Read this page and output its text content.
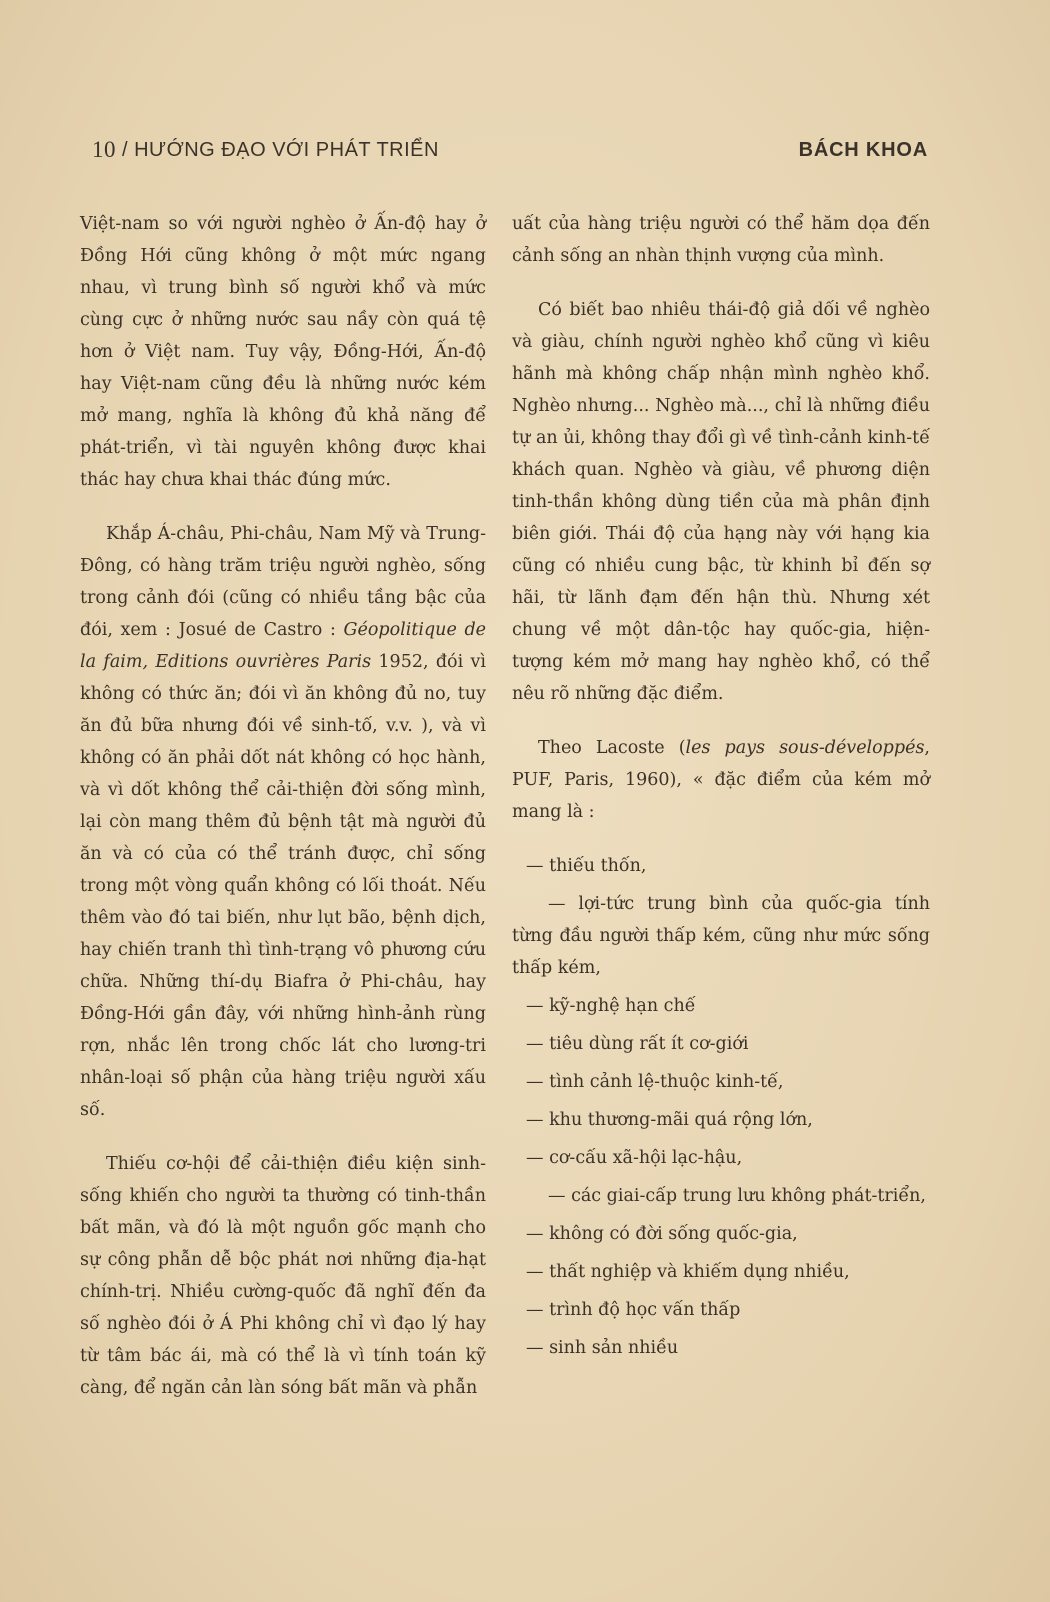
10 / HƯỚNG ĐẠO VỚI PHÁT TRIỂN	BÁCH KHOA

Việt-nam so với người nghèo ở Ấn-độ hay ở Đồng Hới cũng không ở một mức ngang nhau, vì trung bình số người khổ và mức cùng cực ở những nước sau nầy còn quá tệ hơn ở Việt nam. Tuy vậy, Đồng-Hới, Ấn-độ hay Việt-nam cũng đều là những nước kém mở mang, nghĩa là không đủ khả năng để phát-triển, vì tài nguyên không được khai thác hay chưa khai thác đúng mức.

Khắp Á-châu, Phi-châu, Nam Mỹ và Trung-Đông, có hàng trăm triệu người nghèo, sống trong cảnh đói (cũng có nhiều tầng bậc của đói, xem : Josué de Castro : Géopolitique de la faim, Editions ouvrières Paris 1952, đói vì không có thức ăn; đói vì ăn không đủ no, tuy ăn đủ bữa nhưng đói về sinh-tố, v.v. ), và vì không có ăn phải dốt nát không có học hành, và vì dốt không thể cải-thiện đời sống mình, lại còn mang thêm đủ bệnh tật mà người đủ ăn và có của có thể tránh được, chỉ sống trong một vòng quẩn không có lối thoát. Nếu thêm vào đó tai biến, như lụt bão, bệnh dịch, hay chiến tranh thì tình-trạng vô phương cứu chữa. Những thí-dụ Biafra ở Phi-châu, hay Đồng-Hới gần đây, với những hình-ảnh rùng rợn, nhắc lên trong chốc lát cho lương-tri nhân-loại số phận của hàng triệu người xấu số.

Thiếu cơ-hội để cải-thiện điều kiện sinh-sống khiến cho người ta thường có tinh-thần bất mãn, và đó là một nguồn gốc mạnh cho sự công phẫn dễ bộc phát nơi những địa-hạt chính-trị. Nhiều cường-quốc đã nghĩ đến đa số nghèo đói ở Á Phi không chỉ vì đạo lý hay từ tâm bác ái, mà có thể là vì tính toán kỹ càng, để ngăn cản làn sóng bất mãn và phẫn

uất của hàng triệu người có thể hăm dọa đến cảnh sống an nhàn thịnh vượng của mình.

Có biết bao nhiêu thái-độ giả dối về nghèo và giàu, chính người nghèo khổ cũng vì kiêu hãnh mà không chấp nhận mình nghèo khổ. Nghèo nhưng... Nghèo mà..., chỉ là những điều tự an ủi, không thay đổi gì về tình-cảnh kinh-tế khách quan. Nghèo và giàu, về phương diện tinh-thần không dùng tiền của mà phân định biên giới. Thái độ của hạng này với hạng kia cũng có nhiều cung bậc, từ khinh bỉ đến sợ hãi, từ lãnh đạm đến hận thù. Nhưng xét chung về một dân-tộc hay quốc-gia, hiện-tượng kém mở mang hay nghèo khổ, có thể nêu rõ những đặc điểm.

Theo Lacoste (les pays sous-développés, PUF, Paris, 1960), « đặc điểm của kém mở mang là :

— thiếu thốn,
— lợi-tức trung bình của quốc-gia tính từng đầu người thấp kém, cũng như mức sống thấp kém,
— kỹ-nghệ hạn chế
— tiêu dùng rất ít cơ-giới
— tình cảnh lệ-thuộc kinh-tế,
— khu thương-mãi quá rộng lớn,
— cơ-cấu xã-hội lạc-hậu,
— các giai-cấp trung lưu không phát-triển,
— không có đời sống quốc-gia,
— thất nghiệp và khiếm dụng nhiều,
— trình độ học vấn thấp
— sinh sản nhiều
